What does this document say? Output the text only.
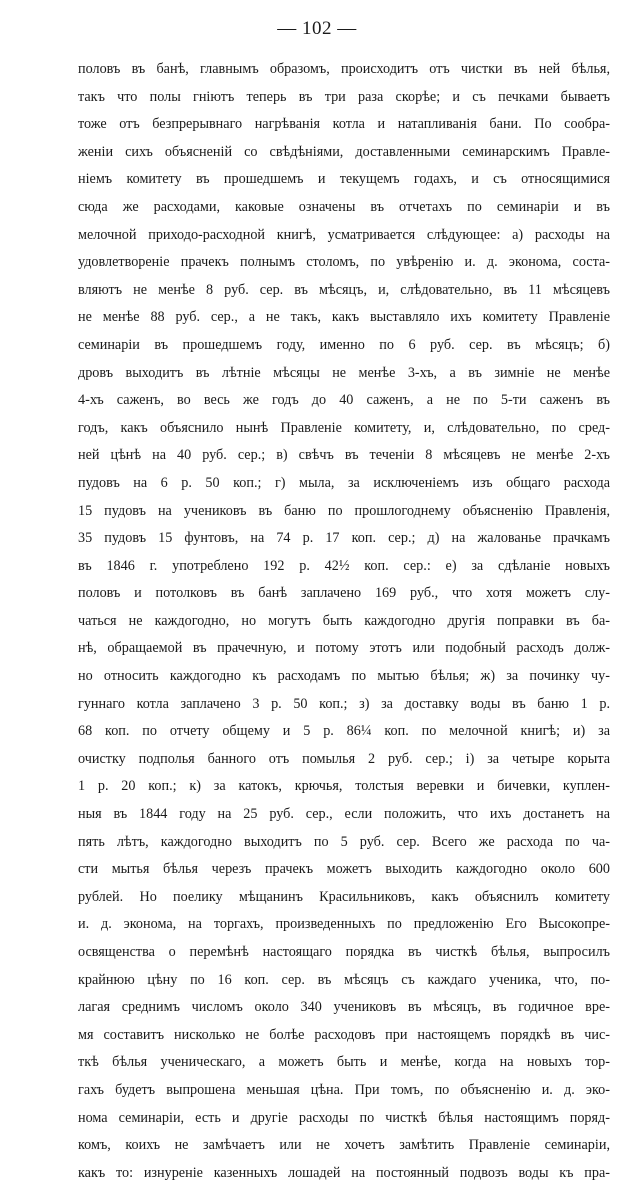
— 102 —
половъ въ банѣ, главнымъ образомъ, происходитъ отъ чистки въ ней бѣлья,
такъ что полы гніютъ теперь въ три раза скорѣе; и съ печками бываетъ
тоже отъ безпрерывнаго нагрѣванія котла и натапливанія бани. По сообра-
женіи сихъ объясненій со свѣдѣніями, доставленными семинарскимъ Правле-
ніемъ комитету въ прошедшемъ и текущемъ годахъ, и съ относящимися
сюда же расходами, каковые означены въ отчетахъ по семинаріи и въ
мелочной приходо-расходной книгѣ, усматривается слѣдующее: а) расходы на
удовлетвореніе прачекъ полнымъ столомъ, по увѣренію и. д. эконома, соста-
вляютъ не менѣе 8 руб. сер. въ мѣсяцъ, и, слѣдовательно, въ 11 мѣсяцевъ
не менѣе 88 руб. сер., а не такъ, какъ выставляло ихъ комитету Правленіе
семинаріи въ прошедшемъ году, именно по 6 руб. сер. въ мѣсяцъ; б)
дровъ выходитъ въ лѣтніе мѣсяцы не менѣе 3-хъ, а въ зимніе не менѣе
4-хъ саженъ, во весь же годъ до 40 саженъ, а не по 5-ти саженъ въ
годъ, какъ объяснило нынѣ Правленіе комитету, и, слѣдовательно, по сред-
ней цѣнѣ на 40 руб. сер.; в) свѣчъ въ теченіи 8 мѣсяцевъ не менѣе 2-хъ
пудовъ на 6 р. 50 коп.; г) мыла, за исключеніемъ изъ общаго расхода
15 пудовъ на учениковъ въ баню по прошлогоднему объясненію Правленія,
35 пудовъ 15 фунтовъ, на 74 р. 17 коп. сер.; д) на жалованье прачкамъ
въ 1846 г. употреблено 192 р. 42½ коп. сер.: е) за сдѣланіе новыхъ
половъ и потолковъ въ банѣ заплачено 169 руб., что хотя можетъ слу-
чаться не каждогодно, но могутъ быть каждогодно другія поправки въ ба-
нѣ, обращаемой въ прачечную, и потому этотъ или подобный расходъ долж-
но относить каждогодно къ расходамъ по мытью бѣлья; ж) за починку чу-
гуннаго котла заплачено 3 р. 50 коп.; з) за доставку воды въ баню 1 р.
68 коп. по отчету общему и 5 р. 86¼ коп. по мелочной книгѣ; и) за
очистку подполья банного отъ помылья 2 руб. сер.; і) за четыре корыта
1 р. 20 коп.; к) за катокъ, крючья, толстыя веревки и бичевки, куплен-
ныя въ 1844 году на 25 руб. сер., если положить, что ихъ достанетъ на
пять лѣтъ, каждогодно выходитъ по 5 руб. сер. Всего же расхода по ча-
сти мытья бѣлья черезъ прачекъ можетъ выходить каждогодно около 600
рублей. Но поелику мѣщанинъ Красильниковъ, какъ объяснилъ комитету
и. д. эконома, на торгахъ, произведенныхъ по предложенію Его Высокопре-
освященства о перемѣнѣ настоящаго порядка въ чисткѣ бѣлья, выпросилъ
крайнюю цѣну по 16 коп. сер. въ мѣсяцъ съ каждаго ученика, что, по-
лагая среднимъ числомъ около 340 учениковъ въ мѣсяцъ, въ годичное вре-
мя составитъ нисколько не болѣе расходовъ при настоящемъ порядкѣ въ чис-
ткѣ бѣлья ученическаго, а можетъ быть и менѣе, когда на новыхъ тор-
гахъ будетъ выпрошена меньшая цѣна. При томъ, по объясненію и. д. эко-
нома семинаріи, есть и другіе расходы по чисткѣ бѣлья настоящимъ поряд-
комъ, коихъ не замѣчаетъ или не хочетъ замѣтить Правленіе семинаріи,
какъ то: изнуреніе казенныхъ лошадей на постоянный подвозъ воды къ пра-
